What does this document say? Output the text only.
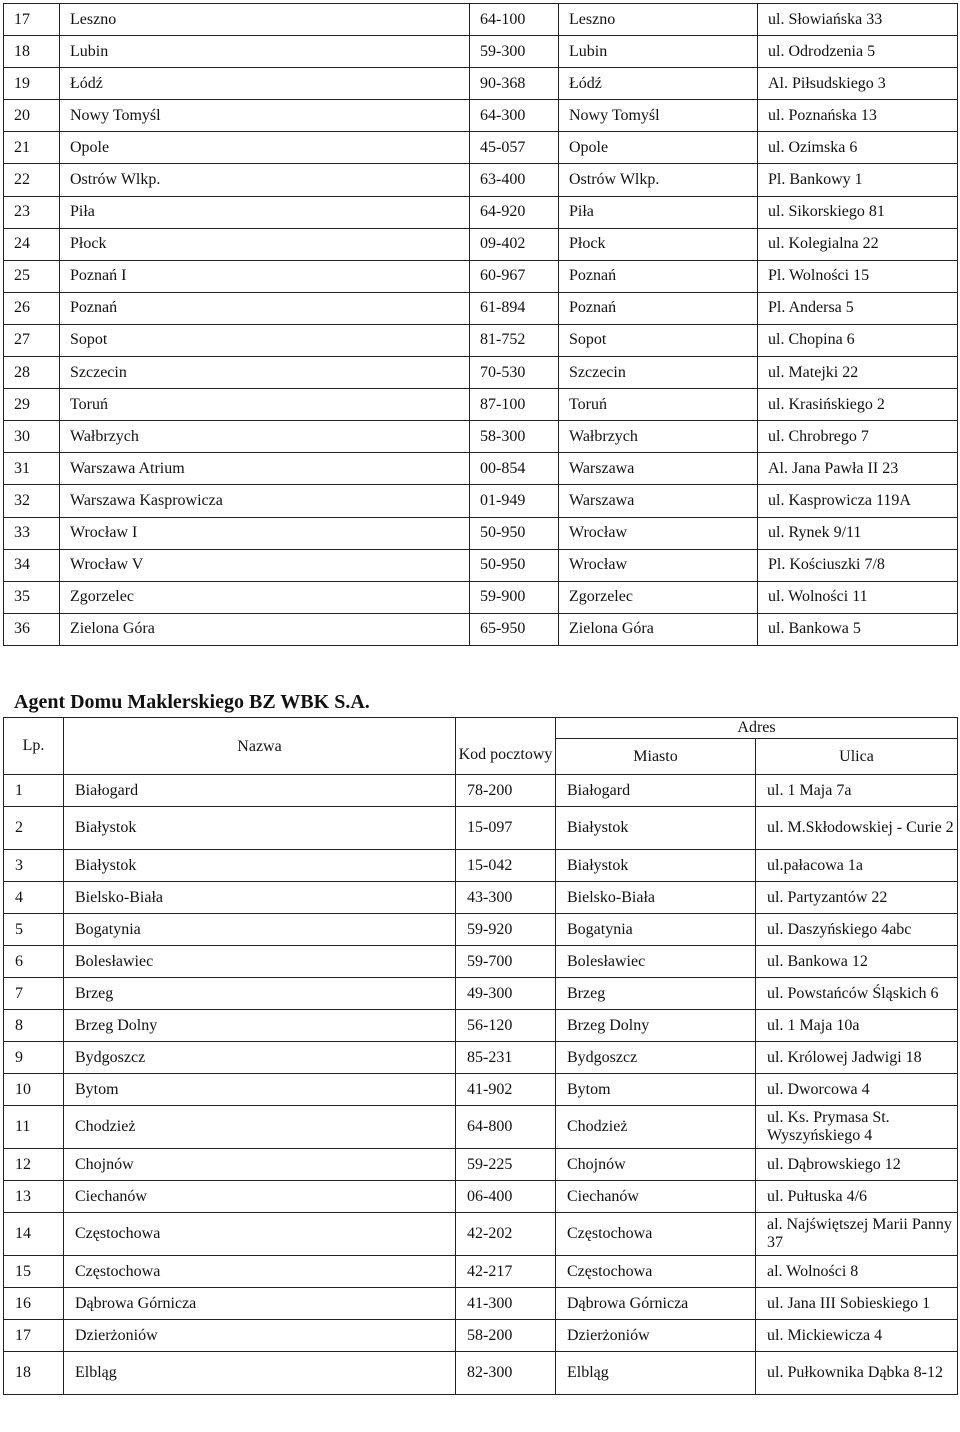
17	Leszno	64-100	Leszno	ul. Słowiańska 33
18	Lubin	59-300	Lubin	ul. Odrodzenia 5
19	Łódź	90-368	Łódź	Al. Piłsudskiego 3
20	Nowy Tomyśl	64-300	Nowy Tomyśl	ul. Poznańska 13
21	Opole	45-057	Opole	ul. Ozimska 6
22	Ostrów Wlkp.	63-400	Ostrów Wlkp.	Pl. Bankowy 1
23	Piła	64-920	Piła	ul. Sikorskiego 81
24	Płock	09-402	Płock	ul. Kolegialna 22
25	Poznań I	60-967	Poznań	Pl. Wolności 15
26	Poznań	61-894	Poznań	Pl. Andersa 5
27	Sopot	81-752	Sopot	ul. Chopina 6
28	Szczecin	70-530	Szczecin	ul. Matejki 22
29	Toruń	87-100	Toruń	ul. Krasińskiego 2
30	Wałbrzych	58-300	Wałbrzych	ul. Chrobrego 7
31	Warszawa Atrium	00-854	Warszawa	Al. Jana Pawła II 23
32	Warszawa Kasprowicza	01-949	Warszawa	ul. Kasprowicza 119A
33	Wrocław I	50-950	Wrocław	ul. Rynek 9/11
34	Wrocław V	50-950	Wrocław	Pl. Kościuszki 7/8
35	Zgorzelec	59-900	Zgorzelec	ul. Wolności 11
36	Zielona Góra	65-950	Zielona Góra	ul. Bankowa 5
Agent Domu Maklerskiego BZ WBK S.A.
Lp.	Nazwa	Kod pocztowy	Adres	
			Miasto	Ulica
1	Białogard	78-200	Białogard	ul. 1 Maja 7a
2	Białystok	15-097	Białystok	ul. M.Skłodowskiej - Curie 2
3	Białystok	15-042	Białystok	ul.pałacowa 1a
4	Bielsko-Biała	43-300	Bielsko-Biała	ul. Partyzantów 22
5	Bogatynia	59-920	Bogatynia	ul. Daszyńskiego 4abc
6	Bolesławiec	59-700	Bolesławiec	ul. Bankowa 12
7	Brzeg	49-300	Brzeg	ul. Powstańców Śląskich 6
8	Brzeg Dolny	56-120	Brzeg Dolny	ul. 1 Maja 10a
9	Bydgoszcz	85-231	Bydgoszcz	ul. Królowej Jadwigi 18
10	Bytom	41-902	Bytom	ul. Dworcowa 4
11	Chodzież	64-800	Chodzież	ul. Ks. Prymasa St. Wyszyńskiego 4
12	Chojnów	59-225	Chojnów	ul. Dąbrowskiego 12
13	Ciechanów	06-400	Ciechanów	ul. Pułtuska 4/6
14	Częstochowa	42-202	Częstochowa	al. Najświętszej Marii Panny 37
15	Częstochowa	42-217	Częstochowa	al. Wolności 8
16	Dąbrowa Górnicza	41-300	Dąbrowa Górnicza	ul. Jana III Sobieskiego 1
17	Dzierżoniów	58-200	Dzierżoniów	ul. Mickiewicza 4
18	Elbląg	82-300	Elbląg	ul. Pułkownika Dąbka 8-12
